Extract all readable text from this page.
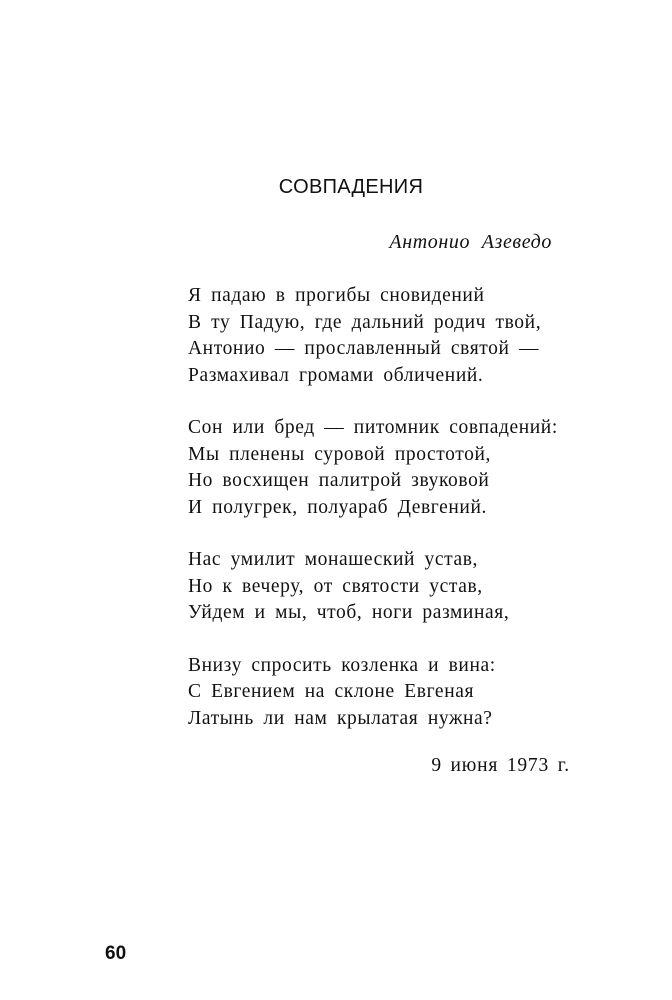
СОВПАДЕНИЯ
Антонио Азеведо
Я падаю в прогибы сновидений
В ту Падую, где дальний родич твой,
Антонио — прославленный святой —
Размахивал громами обличений.
Сон или бред — питомник совпадений:
Мы пленены суровой простотой,
Но восхищен палитрой звуковой
И полугрек, полуараб Девгений.
Нас умилит монашеский устав,
Но к вечеру, от святости устав,
Уйдем и мы, чтоб, ноги разминая,
Внизу спросить козленка и вина:
С Евгением на склоне Евгеная
Латынь ли нам крылатая нужна?
9 июня 1973 г.
60
